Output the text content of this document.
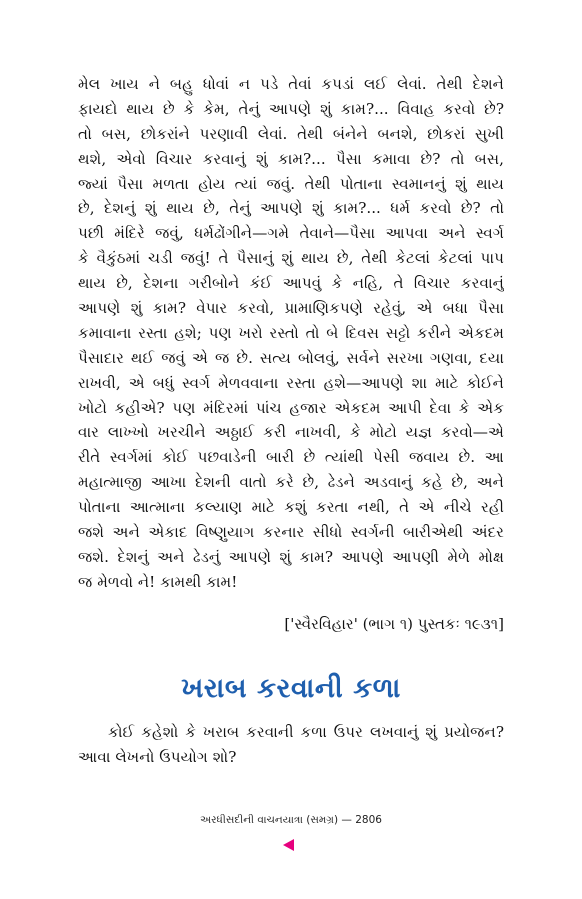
મેલ ખાય ને બહુ ધોવાં ન પડે તેવાં કપડાં લઈ લેવાં. તેથી દેશને
ફાયદો થાય છે કે કેમ, તેનું આપણે શું કામ?... વિવાહ કરવો છે?
તો બસ, છોકરાંને પરણાવી લેવાં. તેથી બંનેને બનશે, છોકરાં સુખી
થશે, એવો વિચાર કરવાનું શું કામ?... પૈસા કમાવા છે? તો બસ,
જ્યાં પૈસા મળતા હોય ત્યાં જવું. તેથી પોતાના સ્વમાનનું શું થાય
છે, દેશનું શું થાય છે, તેનું આપણે શું કામ?... ધર્મ કરવો છે? તો
પછી મંદિરે જવું, ધર્મઢોંગીને—ગમે તેવાને—પૈસા આપવા અને સ્વર્ગ
કે વૈકુંઠમાં ચડી જવું! તે પૈસાનું શું થાય છે, તેથી કેટલાં કેટલાં પાપ
થાય છે, દેશના ગરીબોને કંઈ આપવું કે નહિ, તે વિચાર કરવાનું
આપણે શું કામ? વેપાર કરવો, પ્રામાણિકપણે રહેવું, એ બધા પૈસા
કમાવાના રસ્તા હશે; પણ ખરો રસ્તો તો બે દિવસ સટ્ટો કરીને એકદમ
પૈસાદાર થઈ જવું એ જ છે. સત્ય બોલવું, સર્વને સરખા ગણવા, દયા
રાખવી, એ બધું સ્વર્ગ મેળવવાના રસ્તા હશે—આપણે શા માટે કોઈને
ખોટો કહીએ? પણ મંદિરમાં પાંચ હજાર એકદમ આપી દેવા કે એક
વાર લાખ્ખો ખરચીને અઠ્ઠાઈ કરી નાખવી, કે મોટો યજ્ઞ કરવો—એ
રીતે સ્વર્ગમાં કોઈ પછવાડેની બારી છે ત્યાંથી પેસી જવાય છે. આ
મહાત્માજી આખા દેશની વાતો કરે છે, ઢેડને અડવાનું કહે છે, અને
પોતાના આત્માના કલ્યાણ માટે કશું કરતા નથી, તે એ નીચે રહી
જશે અને એકાદ વિષ્ણુયાગ કરનાર સીધો સ્વર્ગની બારીએથી અંદર
જશે. દેશનું અને ઢેડનું આપણે શું કામ? આપણે આપણી મેળે મોક્ષ
જ મેળવો ને! કામથી કામ!
['સ્વૈરવિહાર' (ભાગ ૧) પુસ્તકઃ ૧૯૩૧]
ખરાબ કરવાની કળા
કોઈ કહેશો કે ખરાબ કરવાની કળા ઉપર લખવાનું શું પ્રયોજન?
આવા લેખનો ઉપયોગ શો?
અરધીસદીની વાચનયાત્રા (સમગ્ર) — 2806
